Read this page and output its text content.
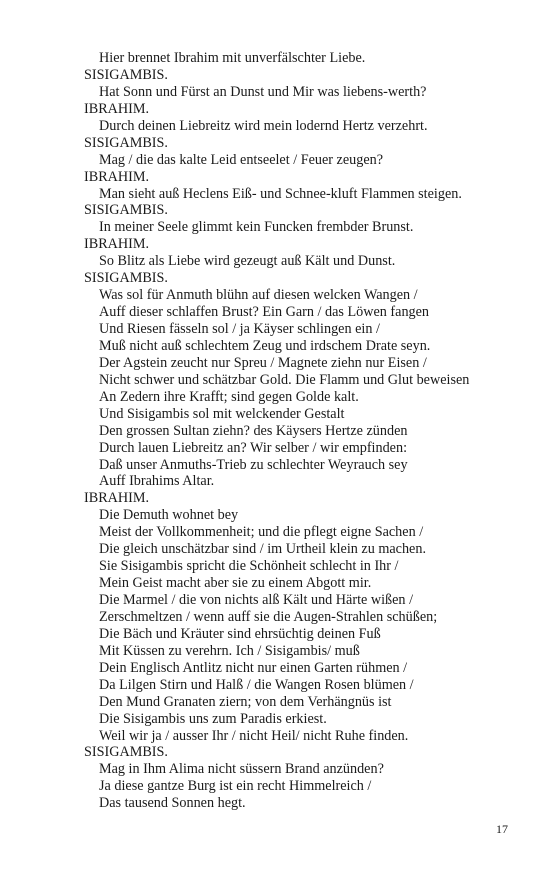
Hier brennet Ibrahim mit unverfälschter Liebe.
SISIGAMBIS.
Hat Sonn und Fürst an Dunst und Mir was liebens-werth?
IBRAHIM.
Durch deinen Liebreitz wird mein lodernd Hertz verzehrt.
SISIGAMBIS.
Mag / die das kalte Leid entseelet / Feuer zeugen?
IBRAHIM.
Man sieht auß Heclens Eiß- und Schnee-kluft Flammen steigen.
SISIGAMBIS.
In meiner Seele glimmt kein Funcken frembder Brunst.
IBRAHIM.
So Blitz als Liebe wird gezeugt auß Kält und Dunst.
SISIGAMBIS.
Was sol für Anmuth blühn auf diesen welcken Wangen /
Auff dieser schlaffen Brust? Ein Garn / das Löwen fangen
Und Riesen fässeln sol / ja Käyser schlingen ein /
Muß nicht auß schlechtem Zeug und irdschem Drate seyn.
Der Agstein zeucht nur Spreu / Magnete ziehn nur Eisen /
Nicht schwer und schätzbar Gold. Die Flamm und Glut beweisen
An Zedern ihre Krafft; sind gegen Golde kalt.
Und Sisigambis sol mit welckender Gestalt
Den grossen Sultan ziehn? des Käysers Hertze zünden
Durch lauen Liebreitz an? Wir selber / wir empfinden:
Daß unser Anmuths-Trieb zu schlechter Weyrauch sey
Auff Ibrahims Altar.
IBRAHIM.
Die Demuth wohnet bey
Meist der Vollkommenheit; und die pflegt eigne Sachen /
Die gleich unschätzbar sind / im Urtheil klein zu machen.
Sie Sisigambis spricht die Schönheit schlecht in Ihr /
Mein Geist macht aber sie zu einem Abgott mir.
Die Marmel / die von nichts alß Kält und Härte wißen /
Zerschmeltzen / wenn auff sie die Augen-Strahlen schüßen;
Die Bäch und Kräuter sind ehrsüchtig deinen Fuß
Mit Küssen zu verehrn. Ich / Sisigambis/ muß
Dein Englisch Antlitz nicht nur einen Garten rühmen /
Da Lilgen Stirn und Halß / die Wangen Rosen blümen /
Den Mund Granaten ziern; von dem Verhängnüs ist
Die Sisigambis uns zum Paradis erkiest.
Weil wir ja / ausser Ihr / nicht Heil/ nicht Ruhe finden.
SISIGAMBIS.
Mag in Ihm Alima nicht süssern Brand anzünden?
Ja diese gantze Burg ist ein recht Himmelreich /
Das tausend Sonnen hegt.
17
